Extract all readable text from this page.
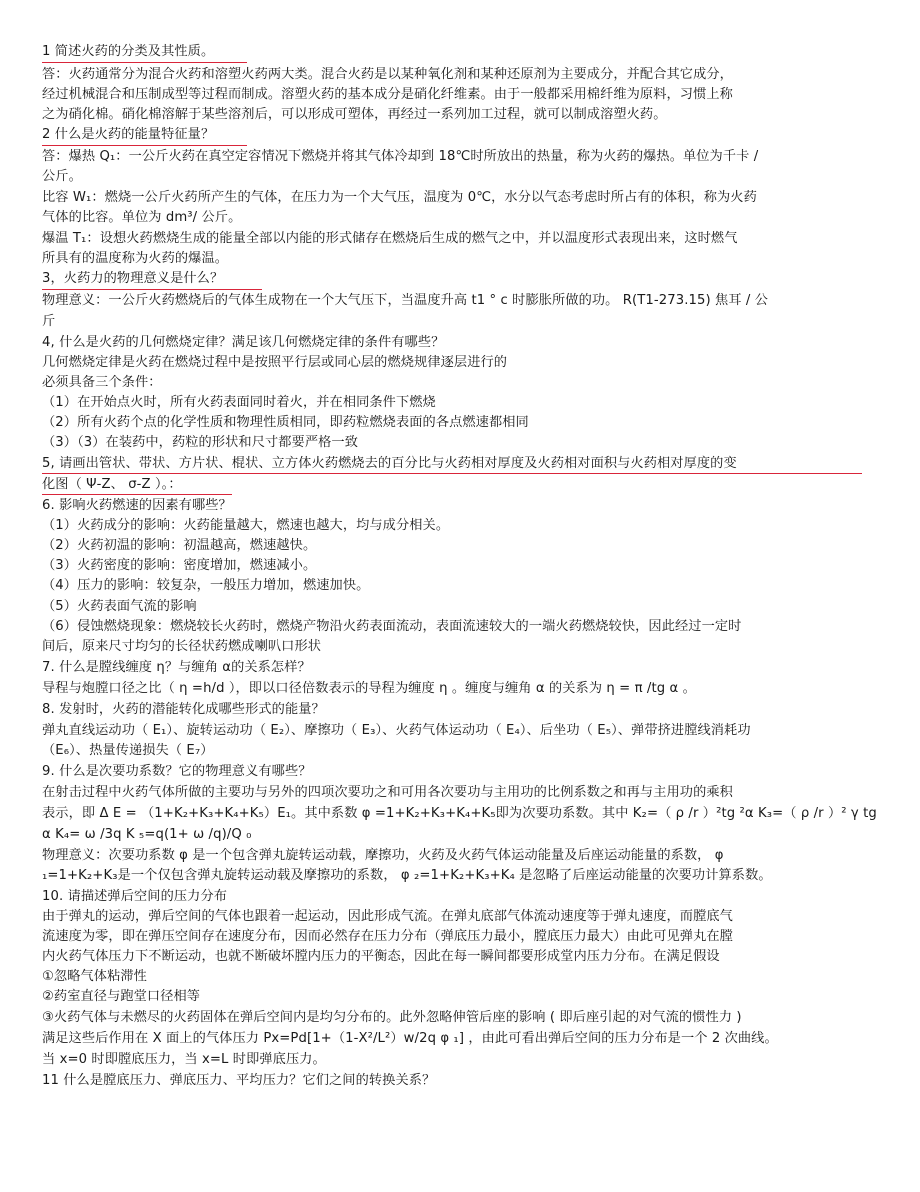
1 简述火药的分类及其性质。
答：火药通常分为混合火药和溶塑火药两大类。混合火药是以某种氧化剂和某种还原剂为主要成分，并配合其它成分，
经过机械混合和压制成型等过程而制成。溶塑火药的基本成分是硝化纤维素。由于一般都采用棉纤维为原料，习惯上称
之为硝化棉。硝化棉溶解于某些溶剂后，可以形成可塑体，再经过一系列加工过程，就可以制成溶塑火药。
2 什么是火药的能量特征量？
答：爆热 Q₁：一公斤火药在真空定容情况下燃烧并将其气体冷却到 18℃时所放出的热量，称为火药的爆热。单位为千卡 /
公斤。
比容 W₁：燃烧一公斤火药所产生的气体，在压力为一个大气压，温度为 0℃，水分以气态考虑时所占有的体积，称为火药
气体的比容。单位为 dm³/ 公斤。
爆温 T₁：设想火药燃烧生成的能量全部以内能的形式储存在燃烧后生成的燃气之中，并以温度形式表现出来，这时燃气
所具有的温度称为火药的爆温。
3，火药力的物理意义是什么？
物理意义：一公斤火药燃烧后的气体生成物在一个大气压下，当温度升高 t1 ° c 时膨胀所做的功。 R(T1-273.15) 焦耳 / 公
斤
4, 什么是火药的几何燃烧定律？满足该几何燃烧定律的条件有哪些？
几何燃烧定律是火药在燃烧过程中是按照平行层或同心层的燃烧规律逐层进行的
必须具备三个条件：
（1）在开始点火时，所有火药表面同时着火，并在相同条件下燃烧
（2）所有火药个点的化学性质和物理性质相同，即药粒燃烧表面的各点燃速都相同
（3）（3）在装药中，药粒的形状和尺寸都要严格一致
5, 请画出管状、带状、方片状、棍状、立方体火药燃烧去的百分比与火药相对厚度及火药相对面积与火药相对厚度的变
化图（ Ψ-Z、 σ-Z ）。：
6. 影响火药燃速的因素有哪些？
（1）火药成分的影响：火药能量越大，燃速也越大，均与成分相关。
（2）火药初温的影响：初温越高，燃速越快。
（3）火药密度的影响：密度增加，燃速减小。
（4）压力的影响：较复杂，一般压力增加，燃速加快。
（5）火药表面气流的影响
（6）侵蚀燃烧现象：燃烧较长火药时，燃烧产物沿火药表面流动，表面流速较大的一端火药燃烧较快，因此经过一定时
间后，原来尺寸均匀的长径状药燃成喇叭口形状
7. 什么是膛线缠度 η？与缠角 α的关系怎样？
导程与炮膛口径之比（ η =h/d ），即以口径倍数表示的导程为缠度 η 。缠度与缠角 α 的关系为 η = π /tg α 。
8. 发射时，火药的潜能转化成哪些形式的能量？
弹丸直线运动功（ E₁）、旋转运动功（ E₂）、摩擦功（ E₃）、火药气体运动功（ E₄）、后坐功（ E₅）、弹带挤进膛线消耗功
（E₆）、热量传递损失（ E₇）
9. 什么是次要功系数？它的物理意义有哪些？
在射击过程中火药气体所做的主要功与另外的四项次要功之和可用各次要功与主用功的比例系数之和再与主用功的乘积
表示，即 Δ E = （1+K₂+K₃+K₄+K₅）E₁。其中系数 φ =1+K₂+K₃+K₄+K₅即为次要功系数。其中 K₂=（ ρ /r ）²tg ²α K₃=（ ρ /r ）² γ tg
α K₄= ω /3q K ₅=q(1+ ω /q)/Q ₀
物理意义：次要功系数 φ 是一个包含弹丸旋转运动载，摩擦功，火药及火药气体运动能量及后座运动能量的系数， φ
₁=1+K₂+K₃是一个仅包含弹丸旋转运动载及摩擦功的系数， φ ₂=1+K₂+K₃+K₄ 是忽略了后座运动能量的次要功计算系数。
10. 请描述弹后空间的压力分布
由于弹丸的运动，弹后空间的气体也跟着一起运动，因此形成气流。在弹丸底部气体流动速度等于弹丸速度，而膛底气
流速度为零，即在弹压空间存在速度分布，因而必然存在压力分布（弹底压力最小，膛底压力最大）由此可见弹丸在膛
内火药气体压力下不断运动，也就不断破坏膛内压力的平衡态，因此在每一瞬间都要形成堂内压力分布。在满足假设
①忽略气体粘滞性
②药室直径与跑堂口径相等
③火药气体与未燃尽的火药固体在弹后空间内是均匀分布的。此外忽略伸管后座的影响 ( 即后座引起的对气流的惯性力 )
满足这些后作用在 X 面上的气体压力 Px=Pd[1+（1-X²/L²）w/2q φ ₁] ，由此可看出弹后空间的压力分布是一个 2 次曲线。
当 x=0 时即膛底压力，当 x=L 时即弹底压力。
11 什么是膛底压力、弹底压力、平均压力？它们之间的转换关系？
